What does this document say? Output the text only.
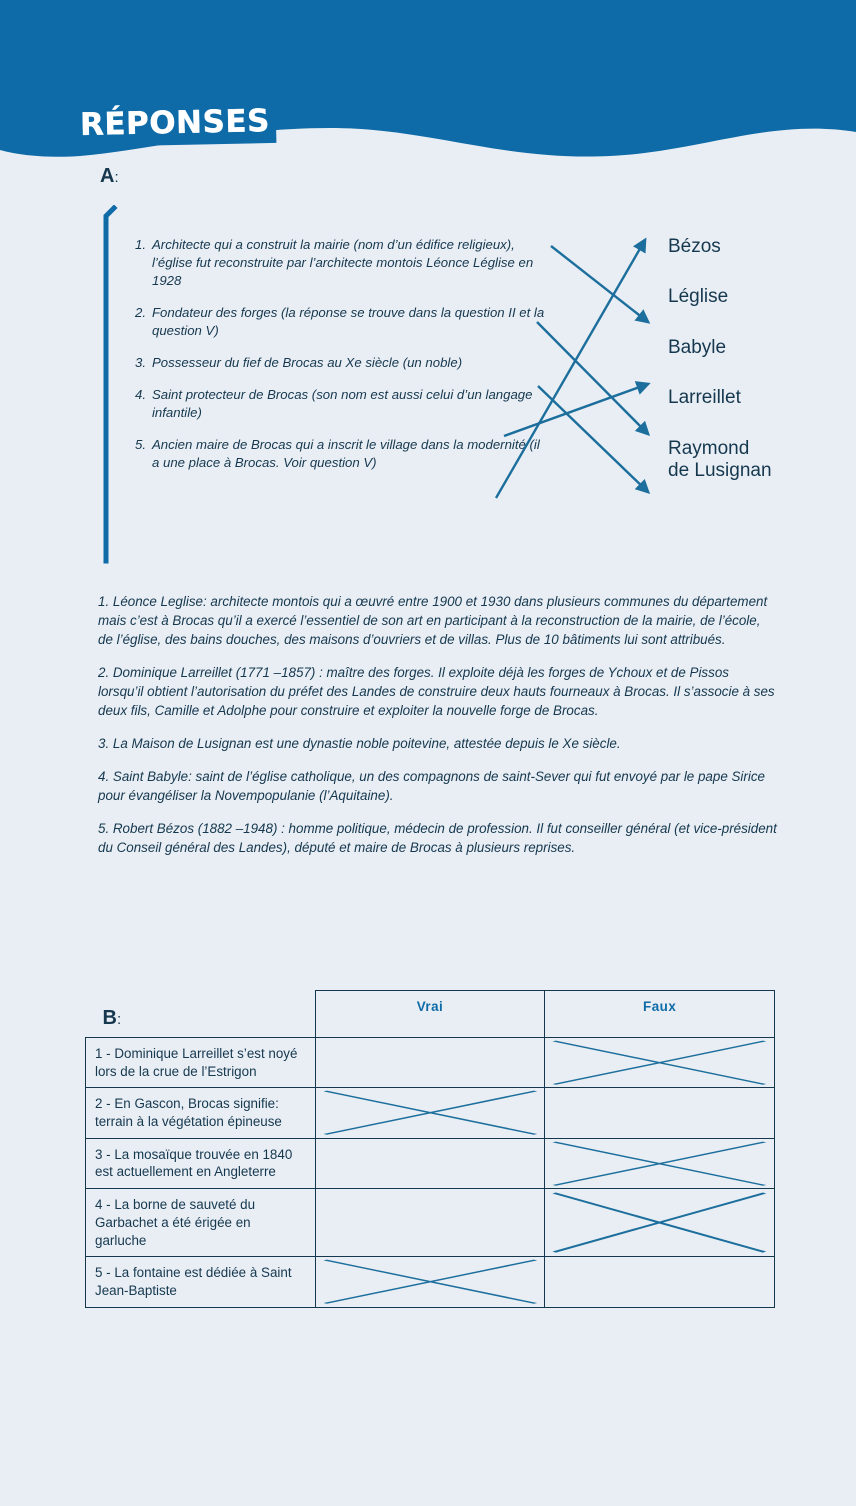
RÉPONSES
A:
1. Architecte qui a construit la mairie (nom d’un édifice religieux), l’église fut reconstruite par l’architecte montois Léonce Léglise en 1928
2. Fondateur des forges (la réponse se trouve dans la question II et la question V)
3. Possesseur du fief de Brocas au Xe siècle (un noble)
4. Saint protecteur de Brocas (son nom est aussi celui d’un langage infantile)
5. Ancien maire de Brocas qui a inscrit le village dans la modernité (il a une place à Brocas. Voir question V)
Bézos
Léglise
Babyle
Larreillet
Raymond
de Lusignan

1. Léonce Leglise: architecte montois qui a œuvré entre 1900 et 1930 dans plusieurs communes du département mais c’est à Brocas qu’il a exercé l’essentiel de son art en participant à la reconstruction de la mairie, de l’école, de l’église, des bains douches, des maisons d’ouvriers et de villas. Plus de 10 bâtiments lui sont attribués.

2. Dominique Larreillet (1771 –1857) : maître des forges. Il exploite déjà les forges de Ychoux et de Pissos lorsqu’il obtient l’autorisation du préfet des Landes de construire deux hauts fourneaux à Brocas. Il s’associe à ses deux fils, Camille et Adolphe pour construire et exploiter la nouvelle forge de Brocas.

3. La Maison de Lusignan est une dynastie noble poitevine, attestée depuis le Xe siècle.

4. Saint Babyle: saint de l’église catholique, un des compagnons de saint-Sever qui fut envoyé par le pape Sirice pour évangéliser la Novempopulanie (l’Aquitaine).

5. Robert Bézos (1882 –1948) : homme politique, médecin de profession. Il fut conseiller général (et vice-président du Conseil général des Landes), député et maire de Brocas à plusieurs reprises.

B:	Vrai	Faux
1 - Dominique Larreillet s’est noyé lors de la crue de l’Estrigon		

2 - En Gascon, Brocas signifie: terrain à la végétation épineuse	

3 - La mosaïque trouvée en 1840 est actuellement en Angleterre		

4 - La borne de sauveté du Garbachet a été érigée en garluche		

5 - La fontaine est dédiée à Saint Jean-Baptiste	
